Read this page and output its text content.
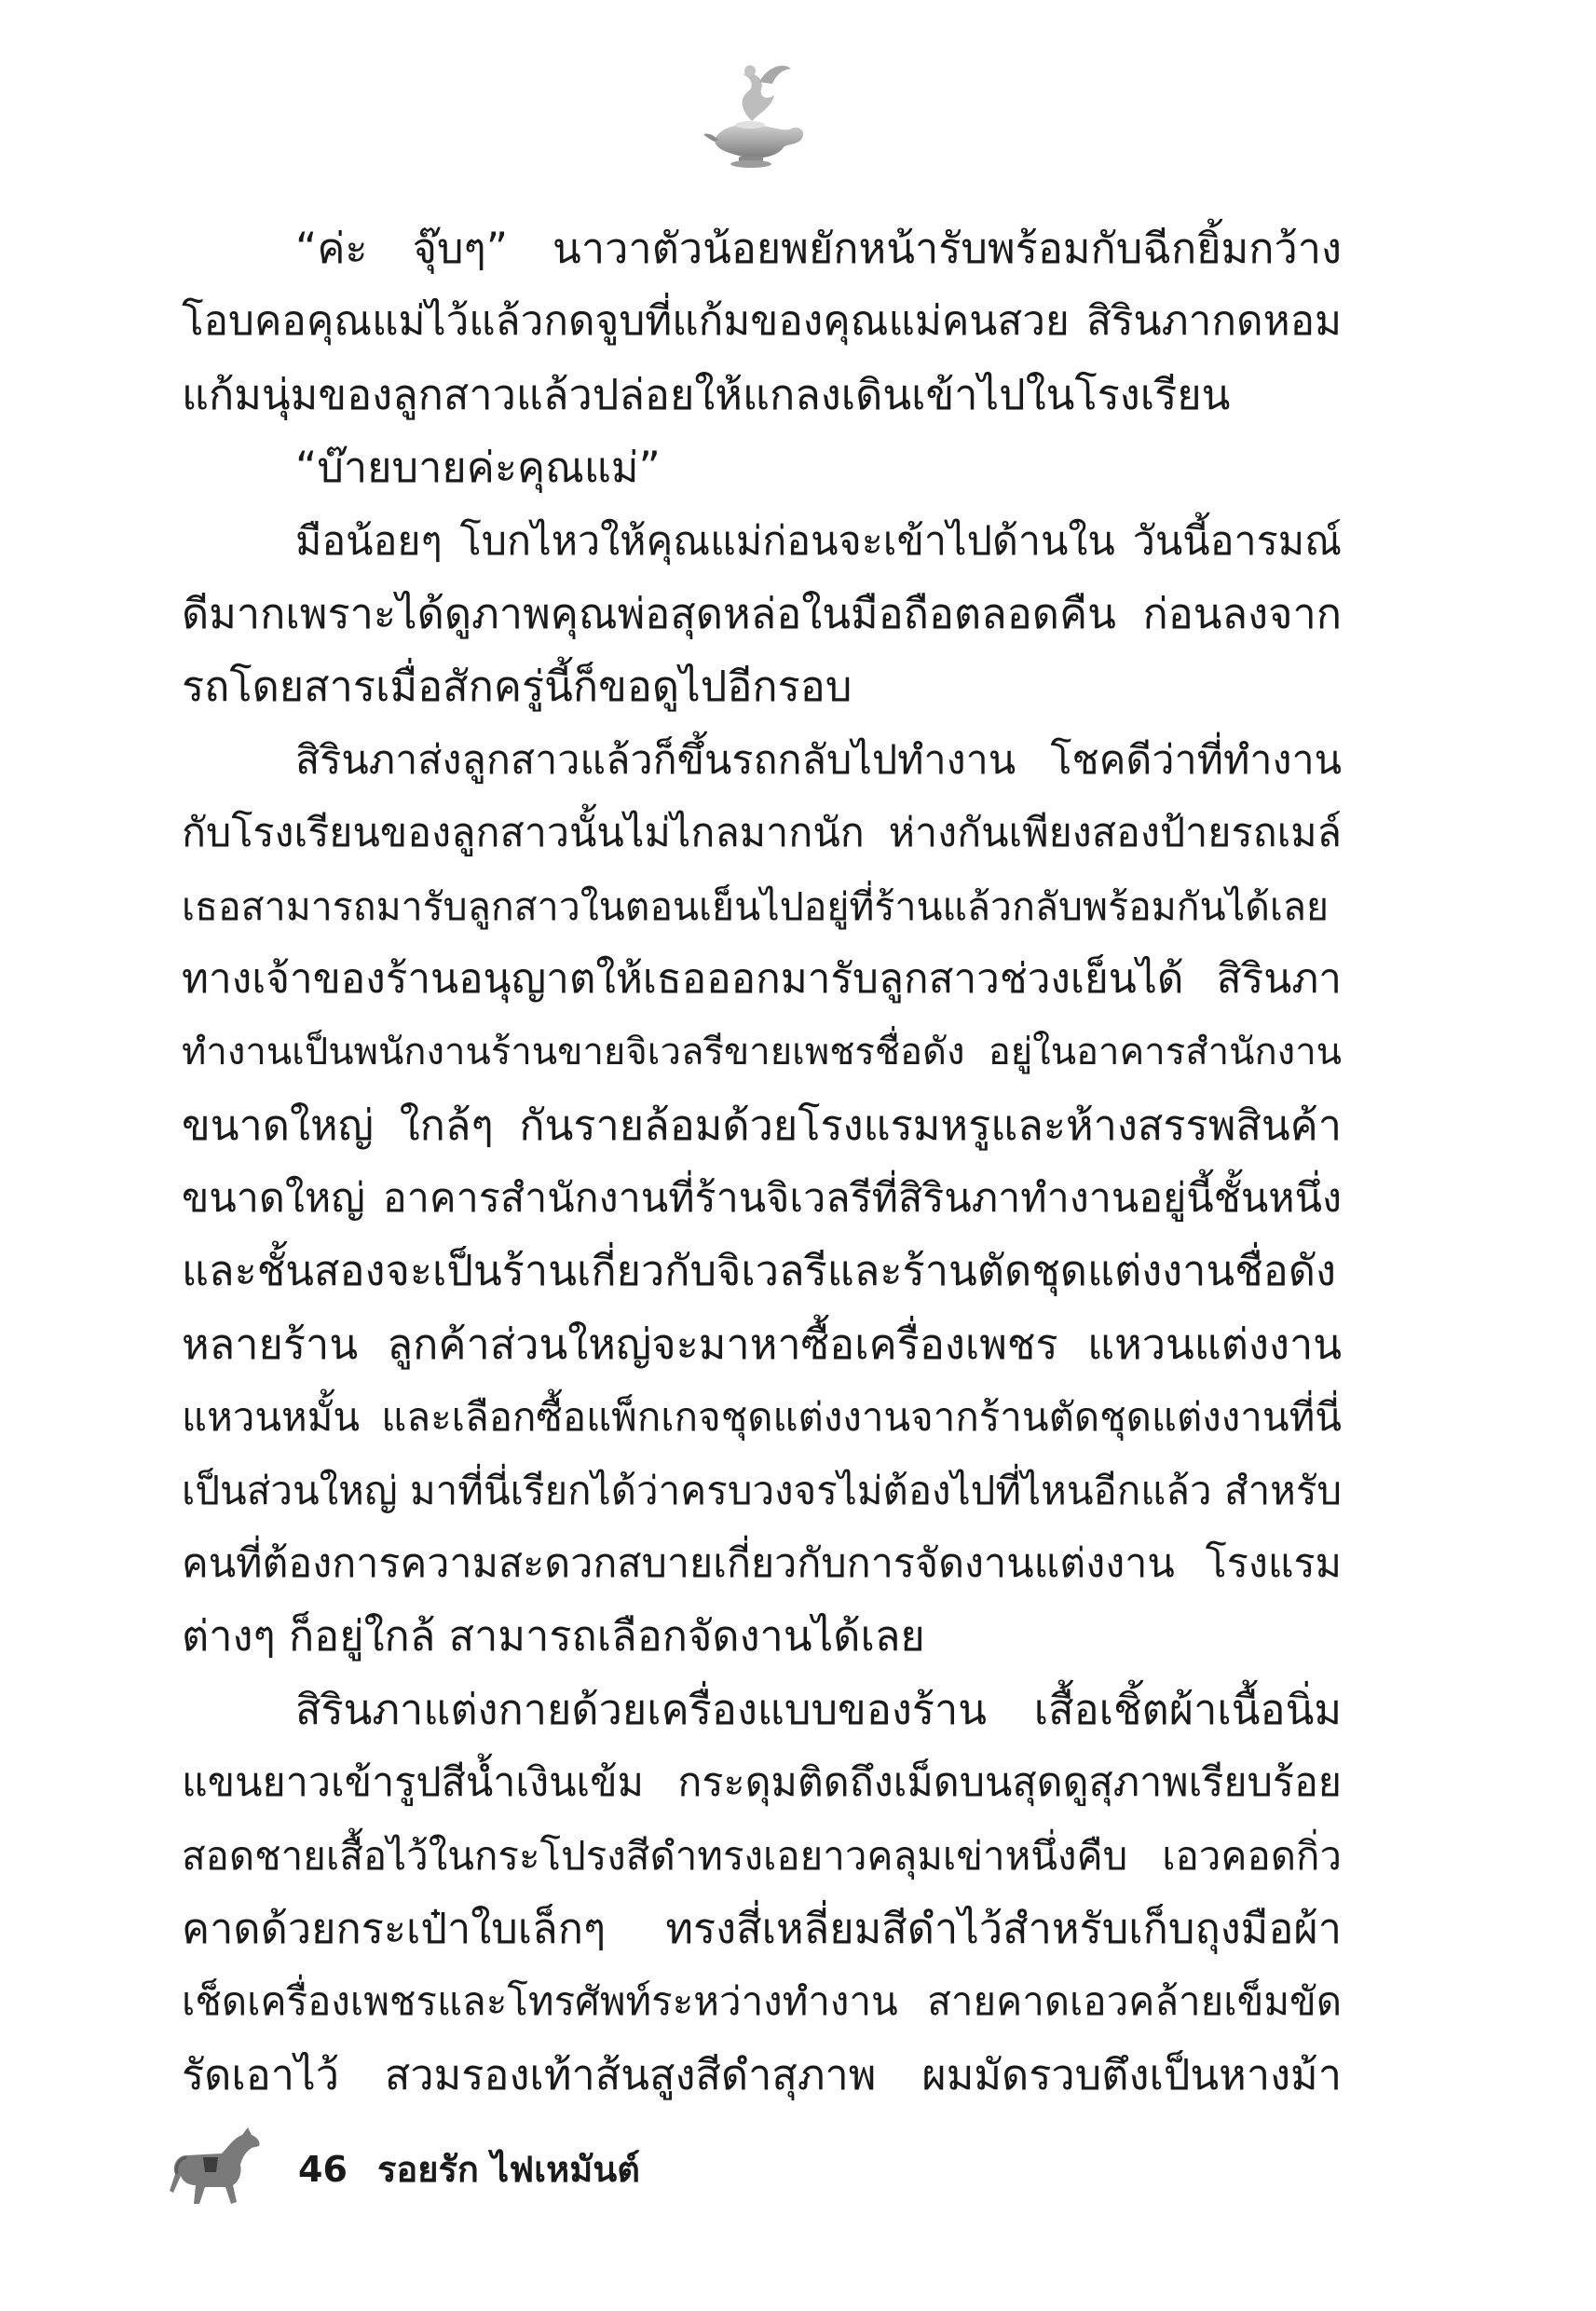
“ค่ะ จุ๊บๆ” นาวาตัวน้อยพยักหน้ารับพร้อมกับฉีกยิ้มกว้าง
โอบคอคุณแม่ไว้แล้วกดจูบที่แก้มของคุณแม่คนสวย สิรินภากดหอม
แก้มนุ่มของลูกสาวแล้วปล่อยให้แกลงเดินเข้าไปในโรงเรียน
“บ๊ายบายค่ะคุณแม่”
มือน้อยๆ โบกไหวให้คุณแม่ก่อนจะเข้าไปด้านใน วันนี้อารมณ์
ดีมากเพราะได้ดูภาพคุณพ่อสุดหล่อในมือถือตลอดคืน ก่อนลงจาก
รถโดยสารเมื่อสักครู่นี้ก็ขอดูไปอีกรอบ
สิรินภาส่งลูกสาวแล้วก็ขึ้นรถกลับไปทำงาน โชคดีว่าที่ทำงาน
กับโรงเรียนของลูกสาวนั้นไม่ไกลมากนัก ห่างกันเพียงสองป้ายรถเมล์
เธอสามารถมารับลูกสาวในตอนเย็นไปอยู่ที่ร้านแล้วกลับพร้อมกันได้เลย
ทางเจ้าของร้านอนุญาตให้เธอออกมารับลูกสาวช่วงเย็นได้ สิรินภา
ทำงานเป็นพนักงานร้านขายจิเวลรีขายเพชรชื่อดัง อยู่ในอาคารสำนักงาน
ขนาดใหญ่ ใกล้ๆ กันรายล้อมด้วยโรงแรมหรูและห้างสรรพสินค้า
ขนาดใหญ่ อาคารสำนักงานที่ร้านจิเวลรีที่สิรินภาทำงานอยู่นี้ชั้นหนึ่ง
และชั้นสองจะเป็นร้านเกี่ยวกับจิเวลรีและร้านตัดชุดแต่งงานชื่อดัง
หลายร้าน ลูกค้าส่วนใหญ่จะมาหาซื้อเครื่องเพชร แหวนแต่งงาน
แหวนหมั้น และเลือกซื้อแพ็กเกจชุดแต่งงานจากร้านตัดชุดแต่งงานที่นี่
เป็นส่วนใหญ่ มาที่นี่เรียกได้ว่าครบวงจรไม่ต้องไปที่ไหนอีกแล้ว สำหรับ
คนที่ต้องการความสะดวกสบายเกี่ยวกับการจัดงานแต่งงาน โรงแรม
ต่างๆ ก็อยู่ใกล้ สามารถเลือกจัดงานได้เลย
สิรินภาแต่งกายด้วยเครื่องแบบของร้าน เสื้อเชิ้ตผ้าเนื้อนิ่ม
แขนยาวเข้ารูปสีน้ำเงินเข้ม กระดุมติดถึงเม็ดบนสุดดูสุภาพเรียบร้อย
สอดชายเสื้อไว้ในกระโปรงสีดำทรงเอยาวคลุมเข่าหนึ่งคืบ เอวคอดกิ่ว
คาดด้วยกระเป๋าใบเล็กๆ ทรงสี่เหลี่ยมสีดำไว้สำหรับเก็บถุงมือผ้า
เช็ดเครื่องเพชรและโทรศัพท์ระหว่างทำงาน สายคาดเอวคล้ายเข็มขัด
รัดเอาไว้ สวมรองเท้าส้นสูงสีดำสุภาพ ผมมัดรวบตึงเป็นหางม้า
46 รอยรัก ไฟเหมันต์
